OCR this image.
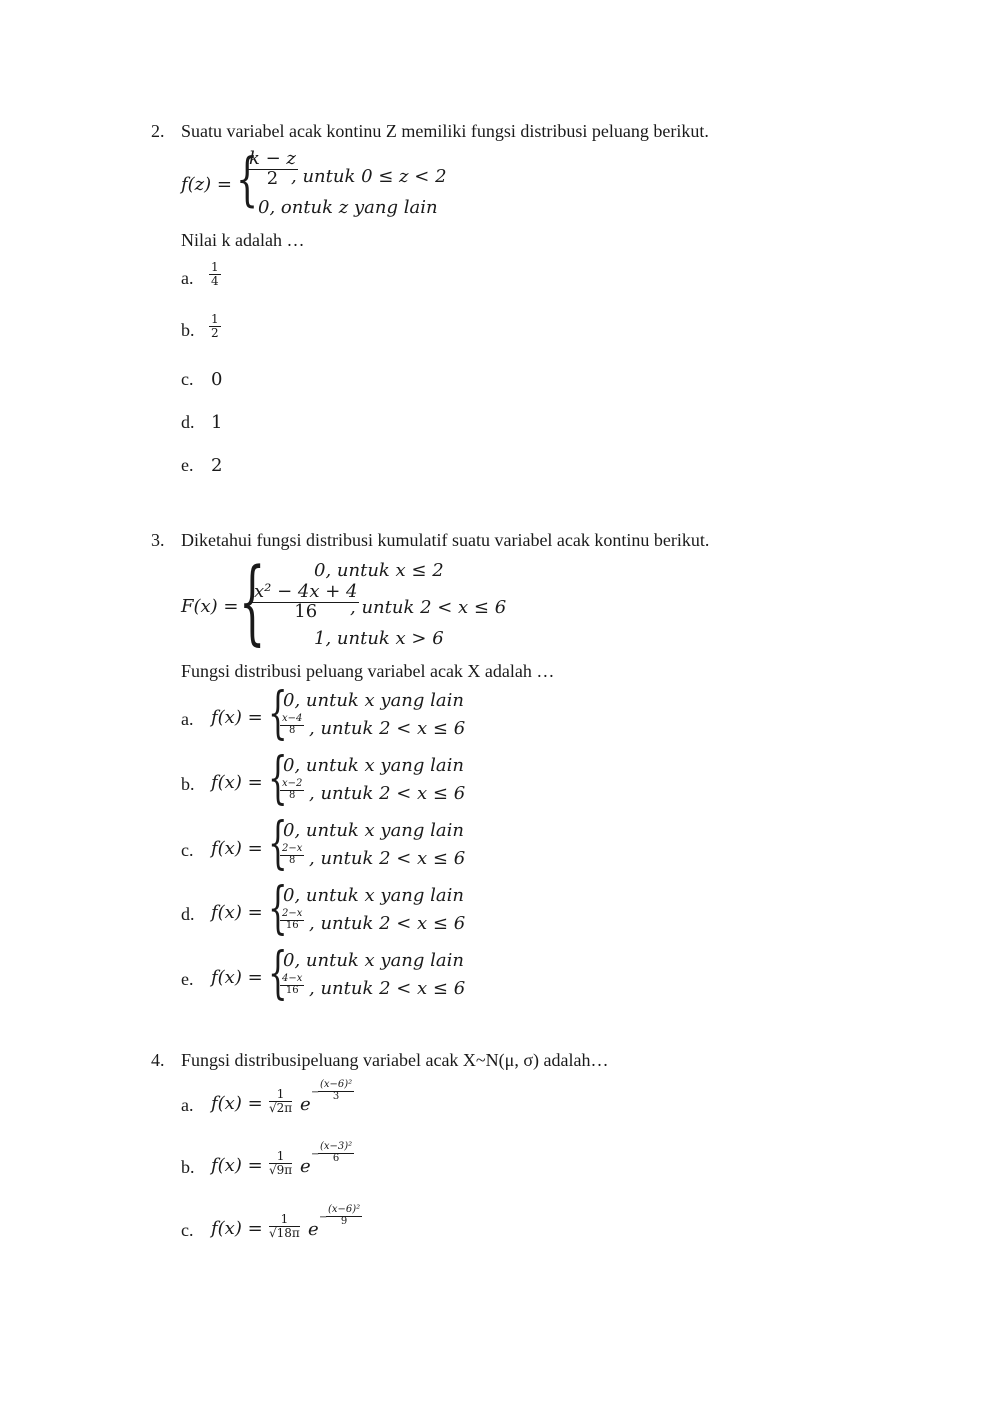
2. Suatu variabel acak kontinu Z memiliki fungsi distribusi peluang berikut.
f(z) = {
$\frac{k - z}{2}$
, untuk 0 ≤ z < 2
0, ontuk z yang lain
Nilai k adalah …
a. $\frac{1}{4}$
b. $\frac{1}{2}$
c. 0
d. 1
e. 2
3. Diketahui fungsi distribusi kumulatif suatu variabel acak kontinu berikut.
F(x) = {	0, untuk x ≤ 2
$\frac{\text{x² − 4x + 4}}{16}$
, untuk 2 < x ≤ 6
1, untuk x > 6
Fungsi distribusi peluang variabel acak X adalah …
a. f(x) = {
0, untuk x yang lain
$\frac{x-4}{8}$ , untuk 2 < x ≤ 6
b. f(x) = {
0, untuk x yang lain
$\frac{x-2}{8}$ , untuk 2 < x ≤ 6
c. f(x) = {
0, untuk x yang lain
$\frac{2-x}{8}$ , untuk 2 < x ≤ 6
d. f(x) = {
0, untuk x yang lain
$\frac{2-x}{16}$ , untuk 2 < x ≤ 6
e. f(x) = {
0, untuk x yang lain
$\frac{4-x}{16}$ , untuk 2 < x ≤ 6
4. Fungsi distribusipeluang variabel acak X~N(μ, σ) adalah…
a. $f(x) = \frac{1}{√2\pi}$ e
−
$\frac{\text{(x−6)²}}{3}$
b. $f(x) = \frac{1}{√9\pi}$ e
−
$\frac{\text{(x−3)²}}{6}$
c. $f(x) = \frac{1}{√18\pi}$ e
−
$\frac{\text{(x−6)²}}{9}$
